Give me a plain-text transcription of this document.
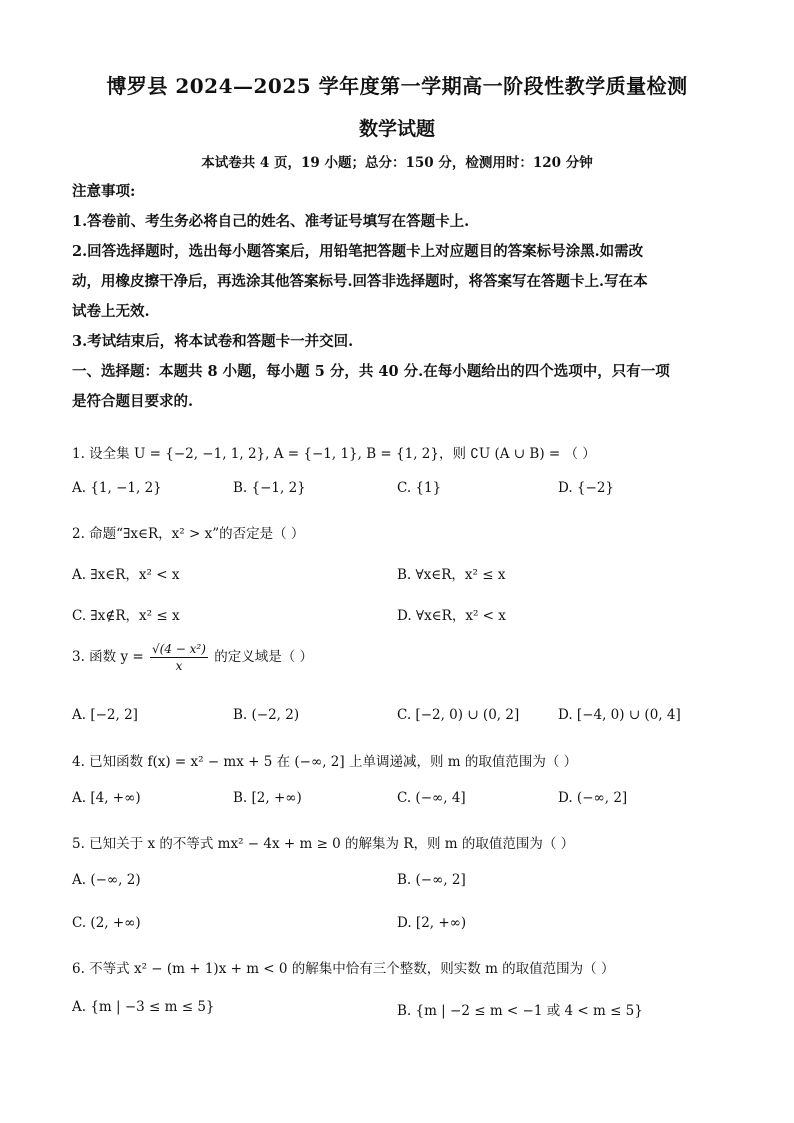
博罗县 2024—2025 学年度第一学期高一阶段性教学质量检测
数学试题
本试卷共 4 页，19 小题；总分：150 分，检测用时：120 分钟
注意事项:
1.答卷前、考生务必将自己的姓名、准考证号填写在答题卡上.
2.回答选择题时，选出每小题答案后，用铅笔把答题卡上对应题目的答案标号涂黑.如需改
动，用橡皮擦干净后，再选涂其他答案标号.回答非选择题时，将答案写在答题卡上.写在本
试卷上无效.
3.考试结束后，将本试卷和答题卡一并交回.
一、选择题：本题共 8 小题，每小题 5 分，共 40 分.在每小题给出的四个选项中，只有一项
是符合题目要求的.
1. 设全集 U = {−2, −1, 1, 2}, A = {−1, 1}, B = {1, 2}，则 ∁U (A ∪ B) = （ ）
A. {1, −1, 2}	B. {−1, 2}	C. {1}	D. {−2}
2. 命题“∃x∈R，x² > x”的否定是（ ）
A. ∃x∈R，x² < x	B. ∀x∈R，x² ≤ x
C. ∃x∉R，x² ≤ x	D. ∀x∈R，x² < x
3. 函数 $y = \frac{\text{√(4 − x²)}}{x}$ 的定义域是（ ）
A. [−2, 2]	B. (−2, 2)	C. [−2, 0) ∪ (0, 2]	D. [−4, 0) ∪ (0, 4]
4. 已知函数 f(x) = x² − mx + 5 在 (−∞, 2] 上单调递减，则 m 的取值范围为（ ）
A. [4, +∞)	B. [2, +∞)	C. (−∞, 4]	D. (−∞, 2]
5. 已知关于 x 的不等式 mx² − 4x + m ≥ 0 的解集为 R，则 m 的取值范围为（ ）
A. (−∞, 2)	B. (−∞, 2]
C. (2, +∞)	D. [2, +∞)
6. 不等式 x² − (m + 1)x + m < 0 的解集中恰有三个整数，则实数 m 的取值范围为（ ）
A. {m | −3 ≤ m ≤ 5}	B. {m | −2 ≤ m < −1 或 4 < m ≤ 5}
